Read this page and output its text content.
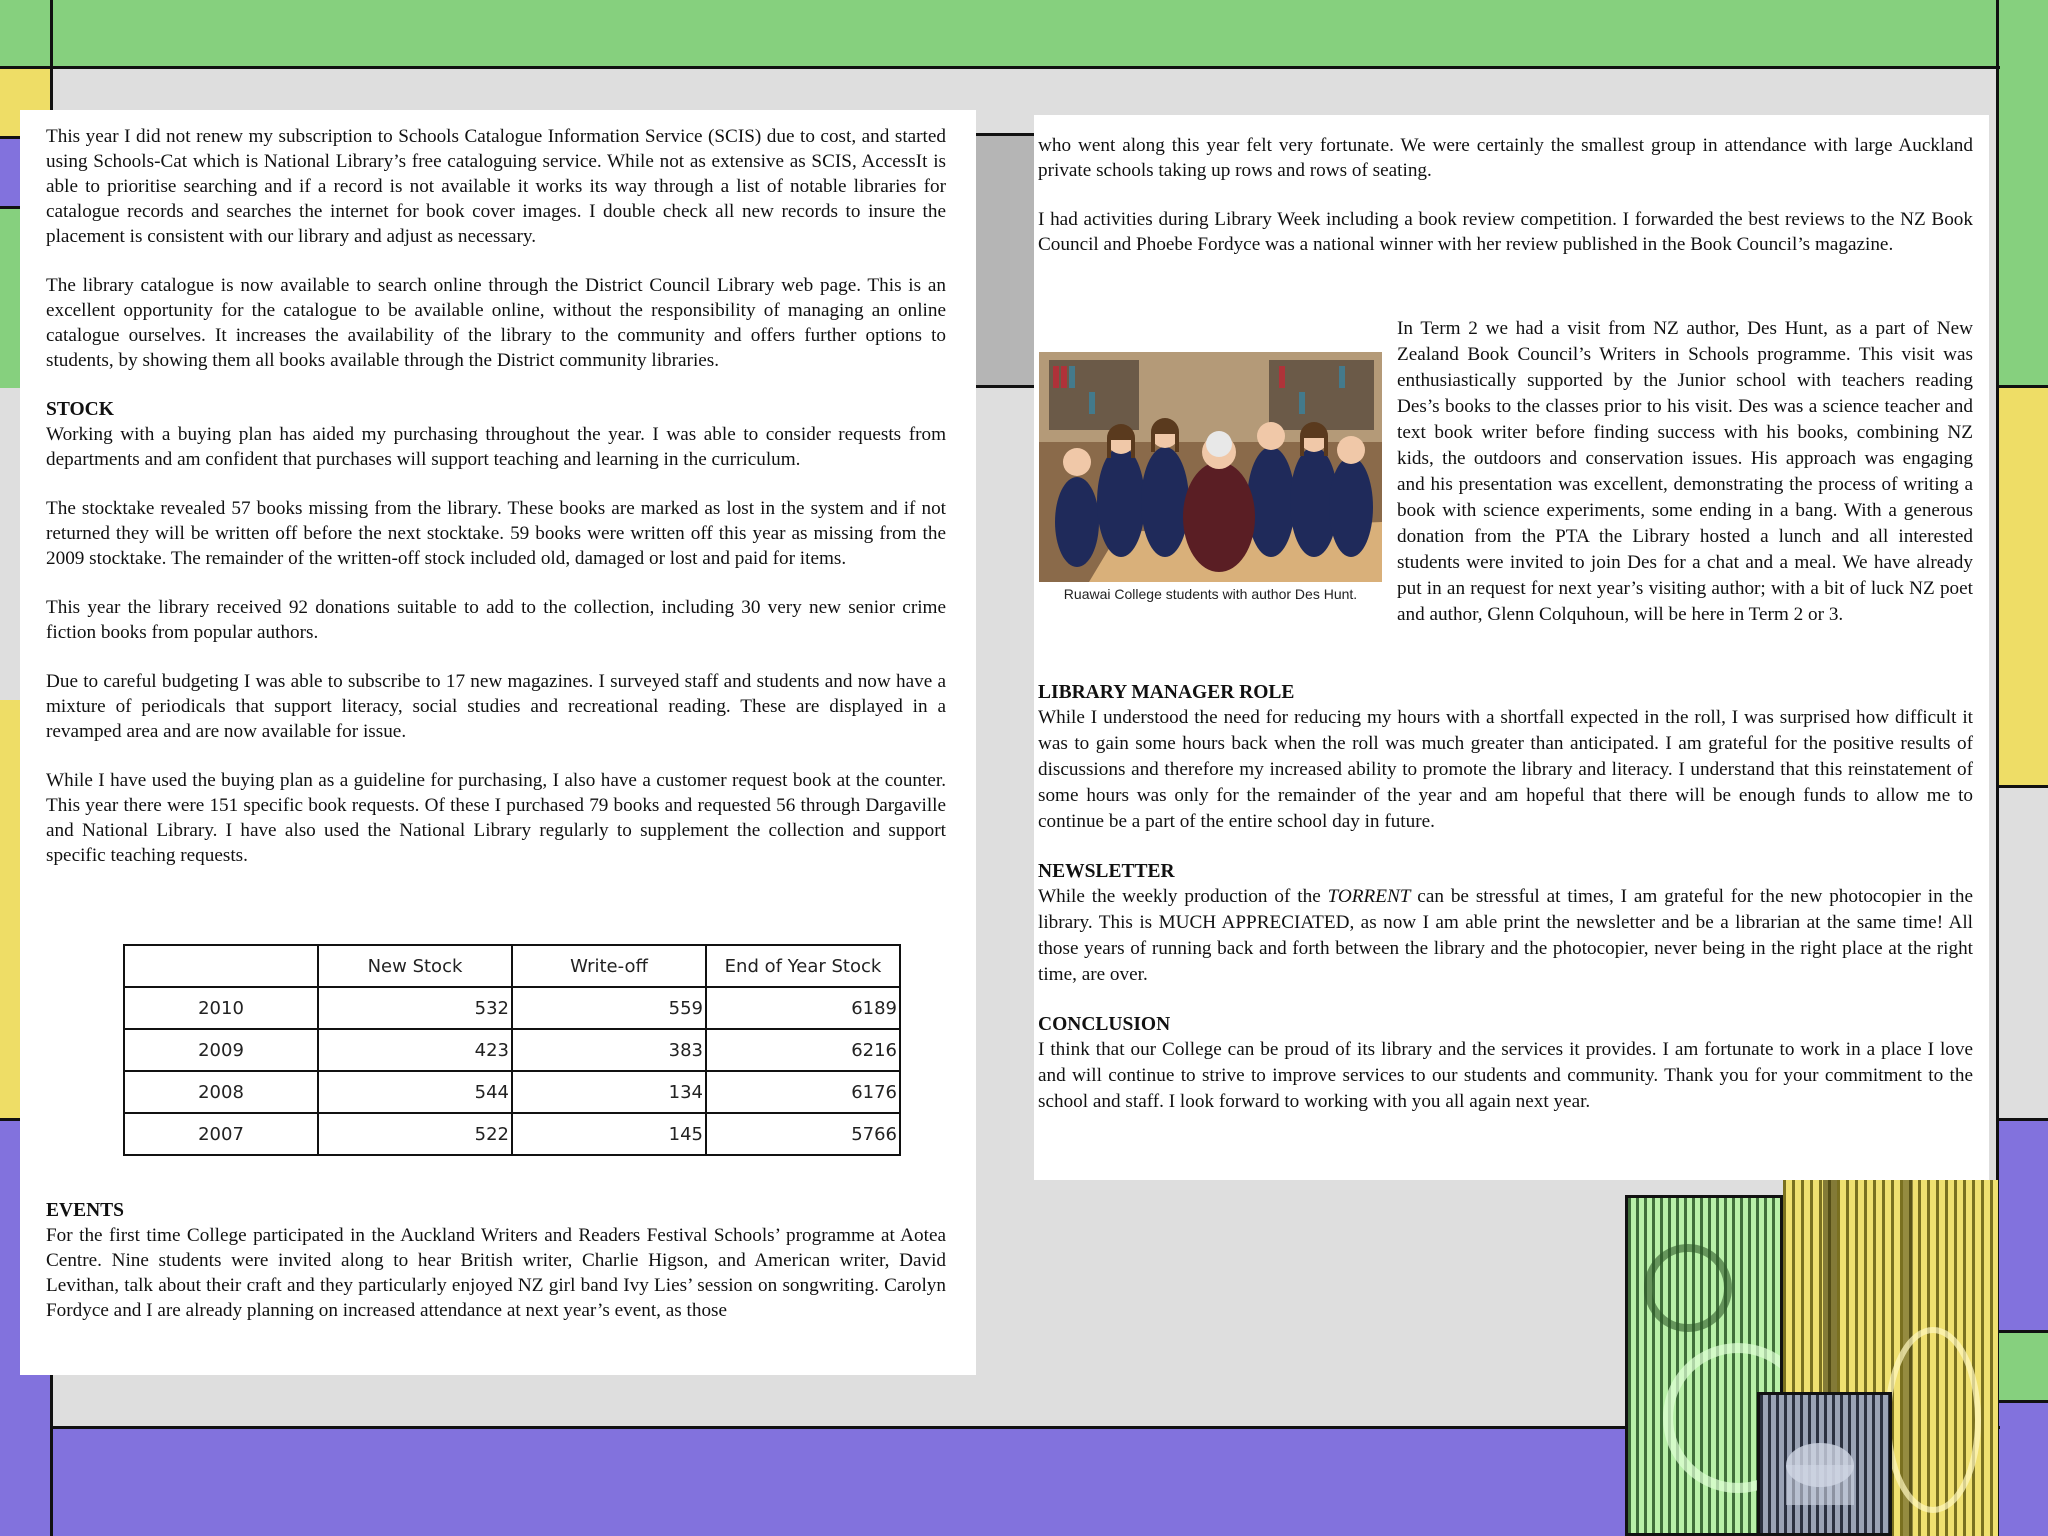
This year I did not renew my subscription to Schools Catalogue Information Service (SCIS) due to cost, and started using Schools-Cat which is National Library’s free cataloguing service. While not as extensive as SCIS, AccessIt is able to prioritise searching and if a record is not available it works its way through a list of notable libraries for catalogue records and searches the internet for book cover images. I double check all new records to insure the placement is consistent with our library and adjust as necessary.

The library catalogue is now available to search online through the District Council Library web page. This is an excellent opportunity for the catalogue to be available online, without the responsibility of managing an online catalogue ourselves. It increases the availability of the library to the community and offers further options to students, by showing them all books available through the District community libraries.

STOCK

Working with a buying plan has aided my purchasing throughout the year. I was able to consider requests from departments and am confident that purchases will support teaching and learning in the curriculum.

The stocktake revealed 57 books missing from the library. These books are marked as lost in the system and if not returned they will be written off before the next stocktake. 59 books were written off this year as missing from the 2009 stocktake. The remainder of the written-off stock included old, damaged or lost and paid for items.

This year the library received 92 donations suitable to add to the collection, including 30 very new senior crime fiction books from popular authors.

Due to careful budgeting I was able to subscribe to 17 new magazines. I surveyed staff and students and now have a mixture of periodicals that support literacy, social studies and recreational reading. These are displayed in a revamped area and are now available for issue.

While I have used the buying plan as a guideline for purchasing, I also have a customer request book at the counter. This year there were 151 specific book requests. Of these I purchased 79 books and requested 56 through Dargaville and National Library. I have also used the National Library regularly to supplement the collection and support specific teaching requests.

	New Stock	Write-off	End of Year Stock
2010	532	559	6189
2009	423	383	6216
2008	544	134	6176
2007	522	145	5766
EVENTS

For the first time College participated in the Auckland Writers and Readers Festival Schools’ programme at Aotea Centre. Nine students were invited along to hear British writer, Charlie Higson, and American writer, David Levithan, talk about their craft and they particularly enjoyed NZ girl band Ivy Lies’ session on songwriting. Carolyn Fordyce and I are already planning on increased attendance at next year’s event, as those

who went along this year felt very fortunate. We were certainly the smallest group in attendance with large Auckland private schools taking up rows and rows of seating.

I had activities during Library Week including a book review competition. I forwarded the best reviews to the NZ Book Council and Phoebe Fordyce was a national winner with her review published in the Book Council’s magazine.

Ruawai College students with author Des Hunt.

In Term 2 we had a visit from NZ author, Des Hunt, as a part of New Zealand Book Council’s Writers in Schools programme. This visit was enthusiastically supported by the Junior school with teachers reading Des’s books to the classes prior to his visit. Des was a science teacher and text book writer before finding success with his books, combining NZ kids, the outdoors and conservation issues. His approach was engaging and his presentation was excellent, demonstrating the process of writing a book with science experiments, some ending in a bang. With a generous donation from the PTA the Library hosted a lunch and all interested students were invited to join Des for a chat and a meal. We have already put in an request for next year’s visiting author; with a bit of luck NZ poet and author, Glenn Colquhoun, will be here in Term 2 or 3.

LIBRARY MANAGER ROLE

While I understood the need for reducing my hours with a shortfall expected in the roll, I was surprised how difficult it was to gain some hours back when the roll was much greater than anticipated. I am grateful for the positive results of discussions and therefore my increased ability to promote the library and literacy. I understand that this reinstatement of some hours was only for the remainder of the year and am hopeful that there will be enough funds to allow me to continue be a part of the entire school day in future.

NEWSLETTER

While the weekly production of the TORRENT can be stressful at times, I am grateful for the new photocopier in the library. This is MUCH APPRECIATED, as now I am able print the newsletter and be a librarian at the same time! All those years of running back and forth between the library and the photocopier, never being in the right place at the right time, are over.

CONCLUSION

I think that our College can be proud of its library and the services it provides. I am fortunate to work in a place I love and will continue to strive to improve services to our students and community. Thank you for your commitment to the school and staff. I look forward to working with you all again next year.
